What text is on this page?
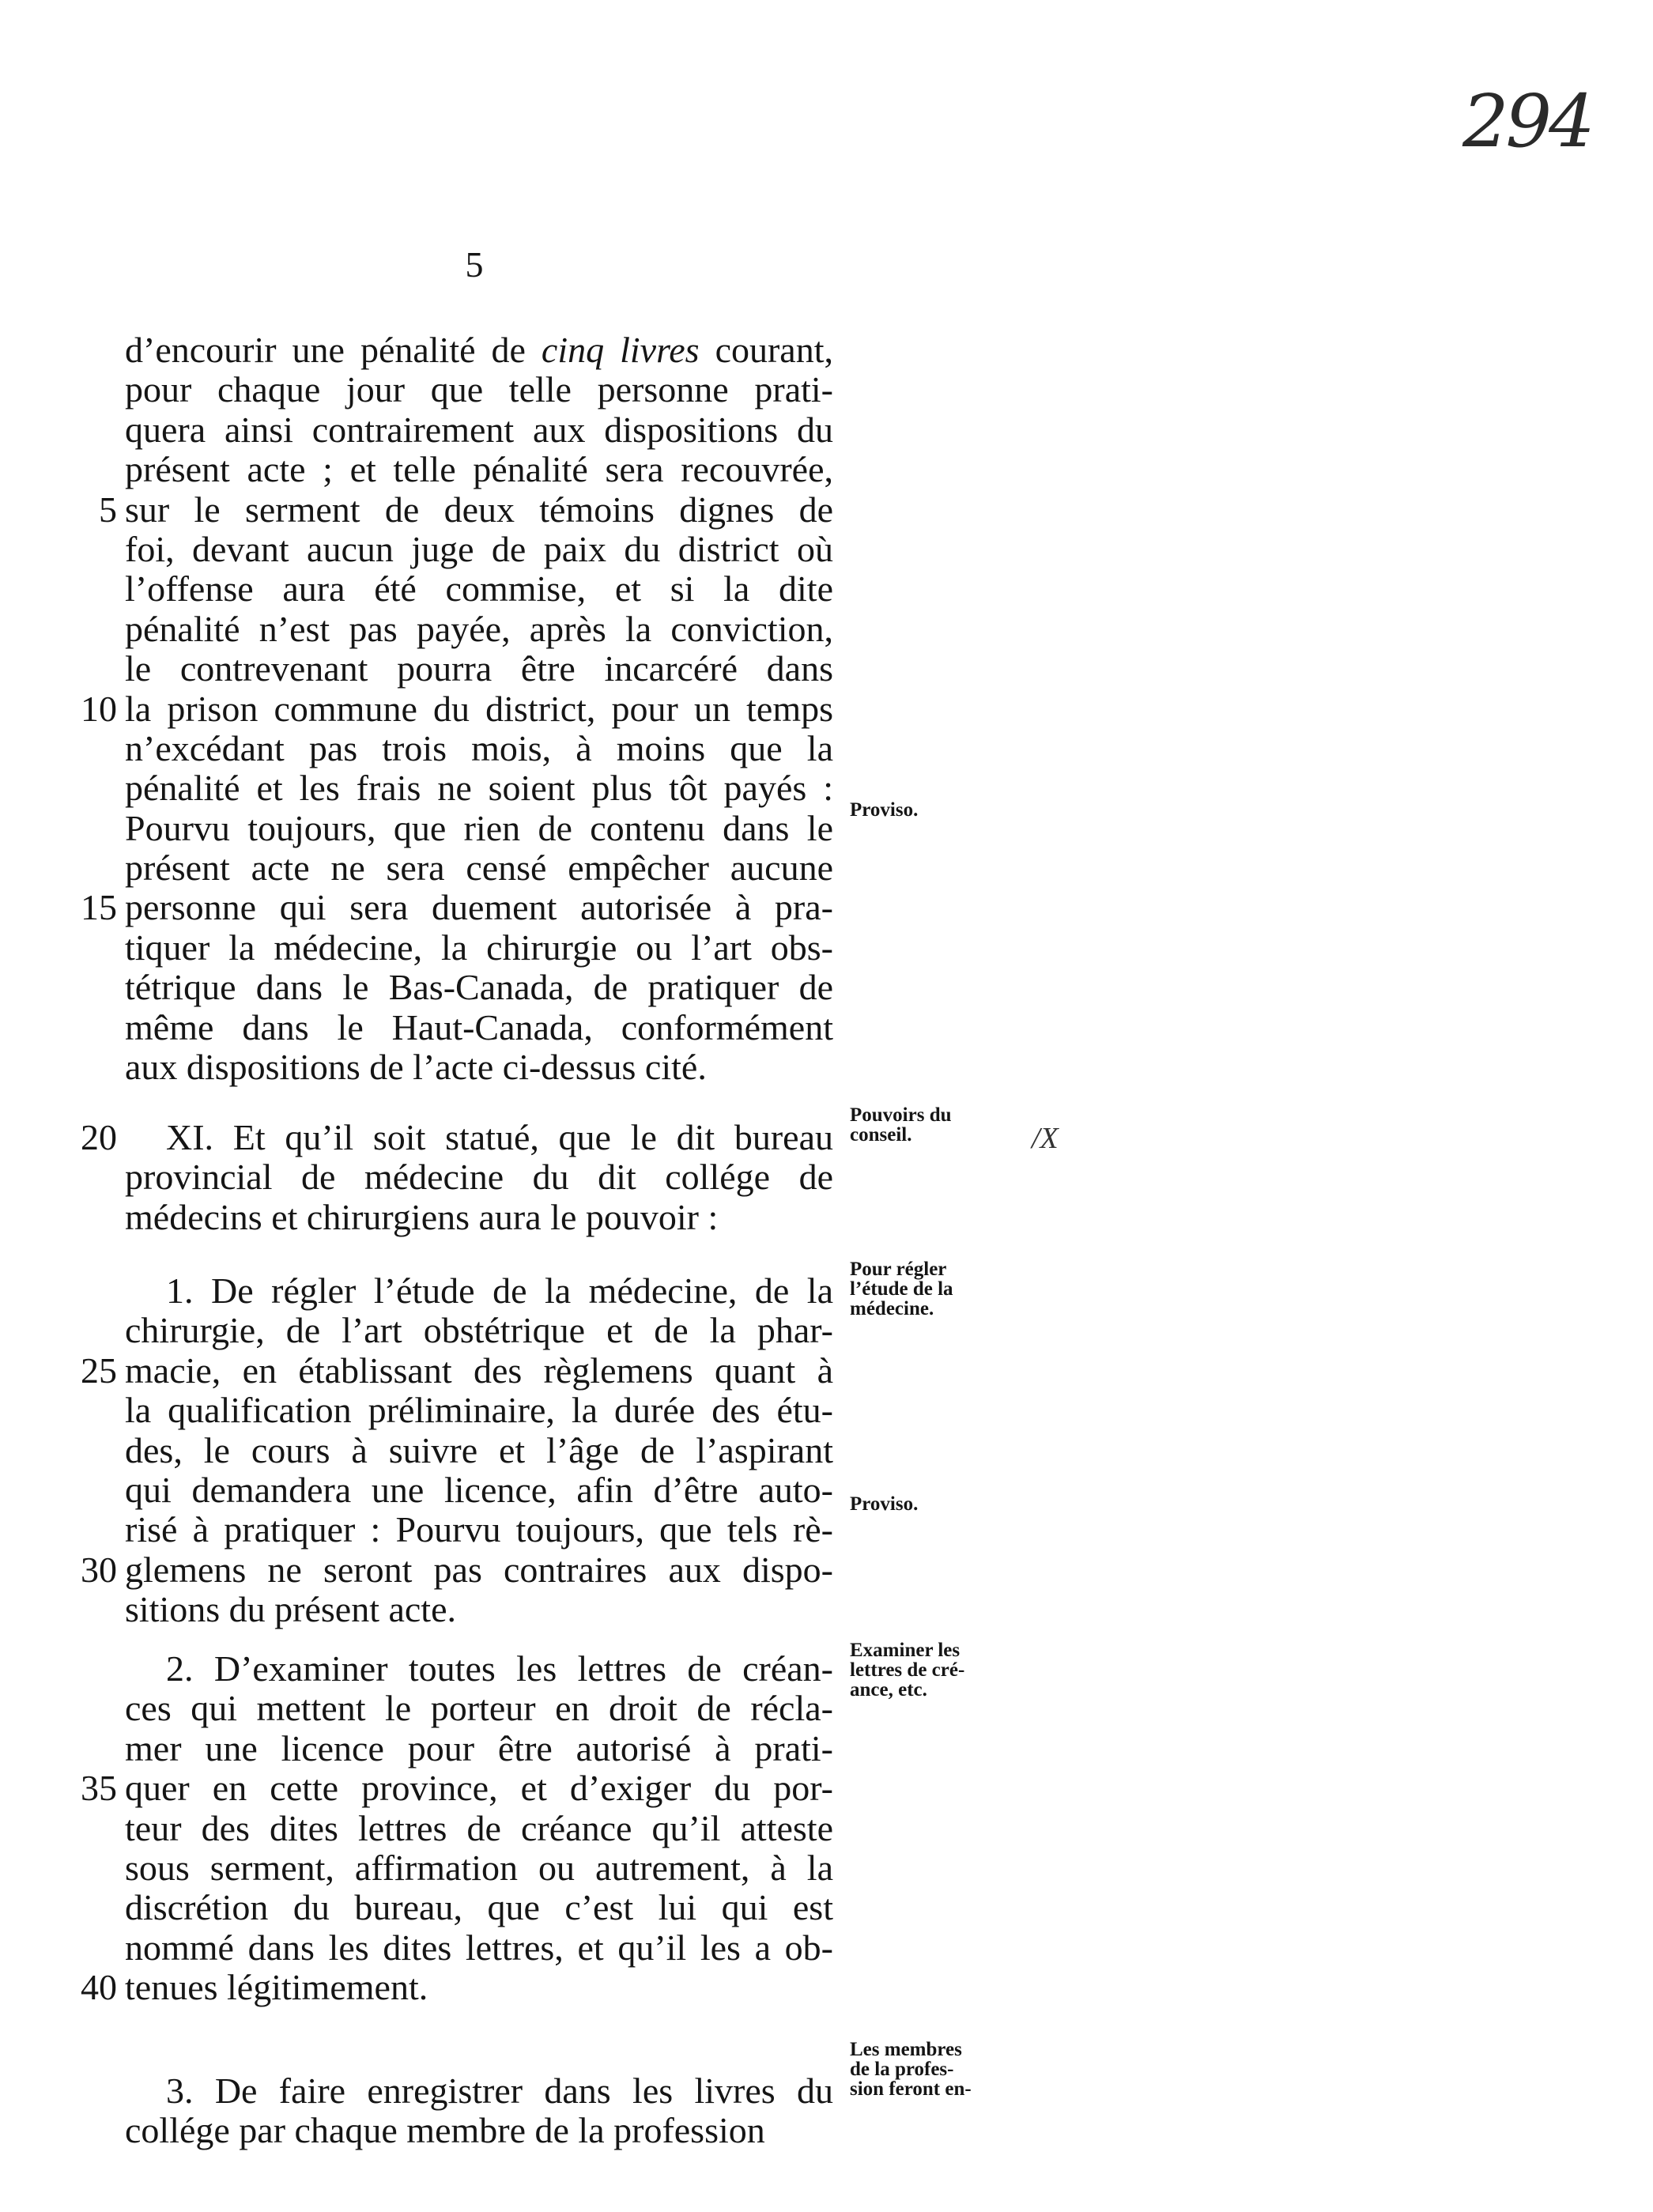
294
5
/X
d’encourir une pénalité de cinq livres courant,
pour chaque jour que telle personne prati-
quera ainsi contrairement aux dispositions du
présent acte ; et telle pénalité sera recouvrée,
5 sur le serment de deux témoins dignes de
foi, devant aucun juge de paix du district où
l’offense aura été commise, et si la dite
pénalité n’est pas payée, après la conviction,
le contrevenant pourra être incarcéré dans
10 la prison commune du district, pour un temps
n’excédant pas trois mois, à moins que la
pénalité et les frais ne soient plus tôt payés :
Pourvu toujours, que rien de contenu dans le
présent acte ne sera censé empêcher aucune
15 personne qui sera duement autorisée à pra-
tiquer la médecine, la chirurgie ou l’art obs-
tétrique dans le Bas-Canada, de pratiquer de
même dans le Haut-Canada, conformément
aux dispositions de l’acte ci-dessus cité.
20 XI. Et qu’il soit statué, que le dit bureau
provincial de médecine du dit collége de
médecins et chirurgiens aura le pouvoir :
1. De régler l’étude de la médecine, de la
chirurgie, de l’art obstétrique et de la phar-
25 macie, en établissant des règlemens quant à
la qualification préliminaire, la durée des étu-
des, le cours à suivre et l’âge de l’aspirant
qui demandera une licence, afin d’être auto-
risé à pratiquer : Pourvu toujours, que tels rè-
30 glemens ne seront pas contraires aux dispo-
sitions du présent acte.
2. D’examiner toutes les lettres de créan-
ces qui mettent le porteur en droit de récla-
mer une licence pour être autorisé à prati-
35 quer en cette province, et d’exiger du por-
teur des dites lettres de créance qu’il atteste
sous serment, affirmation ou autrement, à la
discrétion du bureau, que c’est lui qui est
nommé dans les dites lettres, et qu’il les a ob-
40 tenues légitimement.
3. De faire enregistrer dans les livres du
collége par chaque membre de la profession
Proviso.
Pouvoirs du
conseil.
Pour régler
l’étude de la
médecine.
Proviso.
Examiner les
lettres de cré-
ance, etc.
Les membres
de la profes-
sion feront en-
